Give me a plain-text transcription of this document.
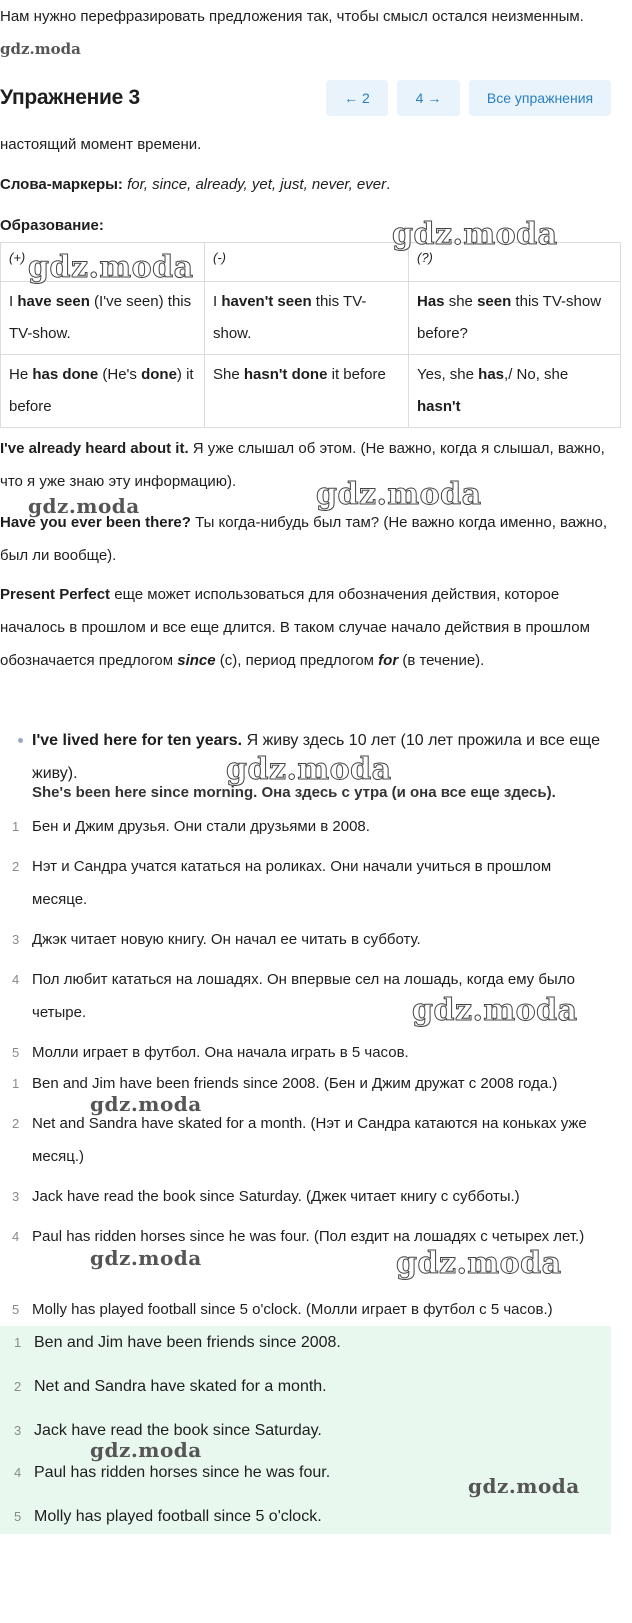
Нам нужно перефразировать предложения так, чтобы смысл остался неизменным. gdz.moda
Упражнение 3	← 2	4 →	Все упражнения

настоящий момент времени.

Слова-маркеры: for, since, already, yet, just, never, ever.

Образование:

(+)	(-)	(?)
I have seen (I've seen) this TV-show.	I haven't seen this TV-show.	Has she seen this TV-show before?
He has done (He's done) it before	She hasn't done it before	Yes, she has,/ No, she hasn't

I've already heard about it. Я уже слышал об этом. (Не важно, когда я слышал, важно, что я уже знаю эту информацию).

Have you ever been there? Ты когда-нибудь был там? (Не важно когда именно, важно, был ли вообще).

Present Perfect еще может использоваться для обозначения действия, которое началось в прошлом и все еще длится. В таком случае начало действия в прошлом обозначается предлогом since (с), период предлогом for (в течение).

I've lived here for ten years. Я живу здесь 10 лет (10 лет прожила и все еще живу).
She's been here since morning. Она здесь с утра (и она все еще здесь).
1 Бен и Джим друзья. Они стали друзьями в 2008.
2 Нэт и Сандра учатся кататься на роликах. Они начали учиться в прошлом месяце.
3 Джэк читает новую книгу. Он начал ее читать в субботу.
4 Пол любит кататься на лошадях. Он впервые сел на лошадь, когда ему было четыре.
5 Молли играет в футбол. Она начала играть в 5 часов.
1 Ben and Jim have been friends since 2008. (Бен и Джим дружат с 2008 года.)
2 Net and Sandra have skated for a month. (Нэт и Сандра катаются на коньках уже месяц.)
3 Jack have read the book since Saturday. (Джек читает книгу с субботы.)
4 Paul has ridden horses since he was four. (Пол ездит на лошадях с четырех лет.)
5 Molly has played football since 5 o'clock. (Молли играет в футбол с 5 часов.)
1 Ben and Jim have been friends since 2008.
2 Net and Sandra have skated for a month.
3 Jack have read the book since Saturday.
4 Paul has ridden horses since he was four.
5 Molly has played football since 5 o'clock.
gdz.moda
gdz.moda
gdz.moda
gdz.moda
gdz.moda
gdz.moda
gdz.moda
gdz.moda	gdz.moda
gdz.moda
gdz.moda
